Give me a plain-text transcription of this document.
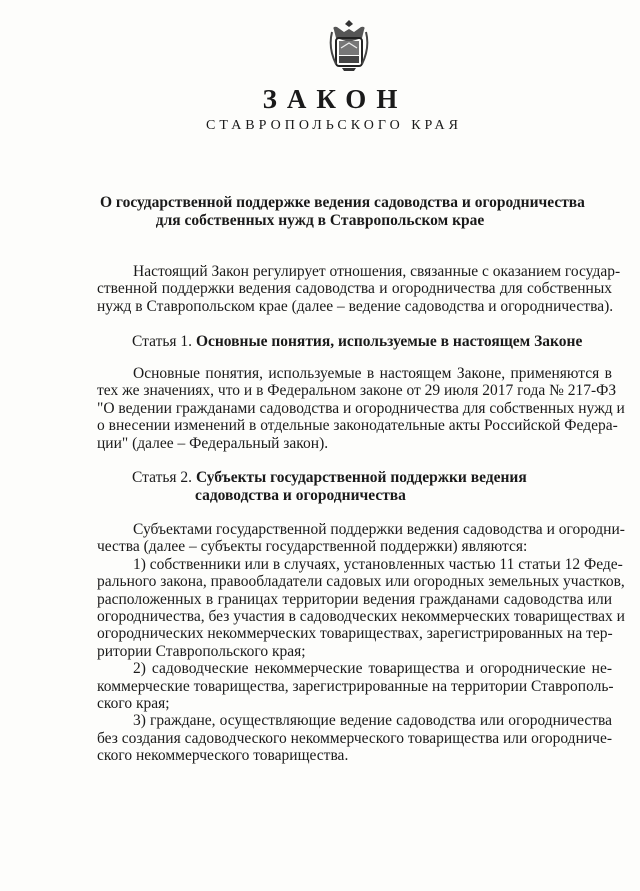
ЗАКОН
СТАВРОПОЛЬСКОГО КРАЯ
О государственной поддержке ведения садоводства и огородничества
для собственных нужд в Ставропольском крае
Настоящий Закон регулирует отношения, связанные с оказанием государ-
ственной поддержки ведения садоводства и огородничества для собственных
нужд в Ставропольском крае (далее – ведение садоводства и огородничества).
Статья 1. Основные понятия, используемые в настоящем Законе
Основные понятия, используемые в настоящем Законе, применяются в
тех же значениях, что и в Федеральном законе от 29 июля 2017 года № 217-ФЗ
"О ведении гражданами садоводства и огородничества для собственных нужд и
о внесении изменений в отдельные законодательные акты Российской Федера-
ции" (далее – Федеральный закон).
Статья 2. Субъекты государственной поддержки ведения
садоводства и огородничества
Субъектами государственной поддержки ведения садоводства и огородни-
чества (далее – субъекты государственной поддержки) являются:
1) собственники или в случаях, установленных частью 11 статьи 12 Феде-
рального закона, правообладатели садовых или огородных земельных участков,
расположенных в границах территории ведения гражданами садоводства или
огородничества, без участия в садоводческих некоммерческих товариществах и
огороднических некоммерческих товариществах, зарегистрированных на тер-
ритории Ставропольского края;
2) садоводческие некоммерческие товарищества и огороднические не-
коммерческие товарищества, зарегистрированные на территории Ставрополь-
ского края;
3) граждане, осуществляющие ведение садоводства или огородничества
без создания садоводческого некоммерческого товарищества или огородниче-
ского некоммерческого товарищества.
